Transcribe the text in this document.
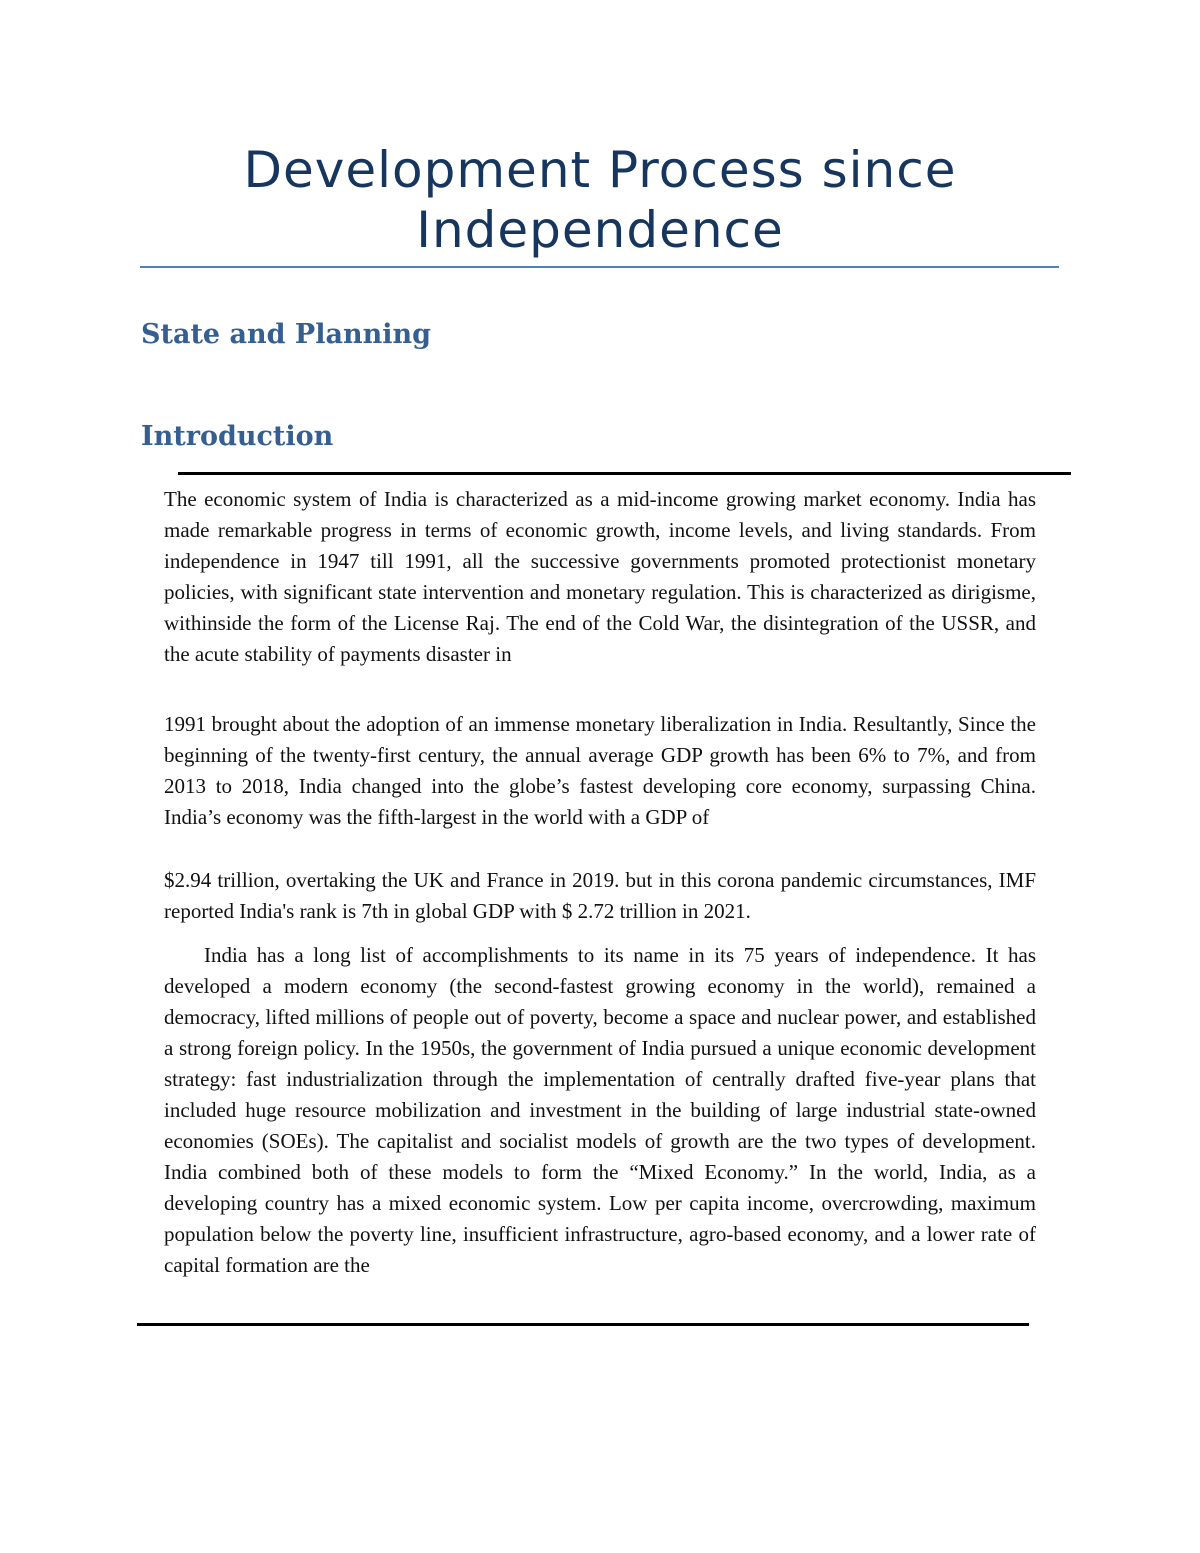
Development Process since
Independence
State and Planning
Introduction

The economic system of India is characterized as a mid-income growing market economy. India has made remarkable progress in terms of economic growth, income levels, and living standards. From independence in 1947 till 1991, all the successive governments promoted protectionist monetary policies, with significant state intervention and monetary regulation. This is characterized as dirigisme, withinside the form of the License Raj. The end of the Cold War, the disintegration of the USSR, and the acute stability of payments disaster in

1991 brought about the adoption of an immense monetary liberalization in India. Resultantly, Since the beginning of the twenty-first century, the annual average GDP growth has been 6% to 7%, and from 2013 to 2018, India changed into the globe’s fastest developing core economy, surpassing China. India’s economy was the fifth-largest in the world with a GDP of

$2.94 trillion, overtaking the UK and France in 2019. but in this corona pandemic circumstances, IMF reported India's rank is 7th in global GDP with $ 2.72 trillion in 2021.

India has a long list of accomplishments to its name in its 75 years of independence. It has developed a modern economy (the second-fastest growing economy in the world), remained a democracy, lifted millions of people out of poverty, become a space and nuclear power, and established a strong foreign policy. In the 1950s, the government of India pursued a unique economic development strategy: fast industrialization through the implementation of centrally drafted five-year plans that included huge resource mobilization and investment in the building of large industrial state-owned economies (SOEs). The capitalist and socialist models of growth are the two types of development. India combined both of these models to form the “Mixed Economy.” In the world, India, as a developing country has a mixed economic system. Low per capita income, overcrowding, maximum population below the poverty line, insufficient infrastructure, agro-based economy, and a lower rate of capital formation are the
